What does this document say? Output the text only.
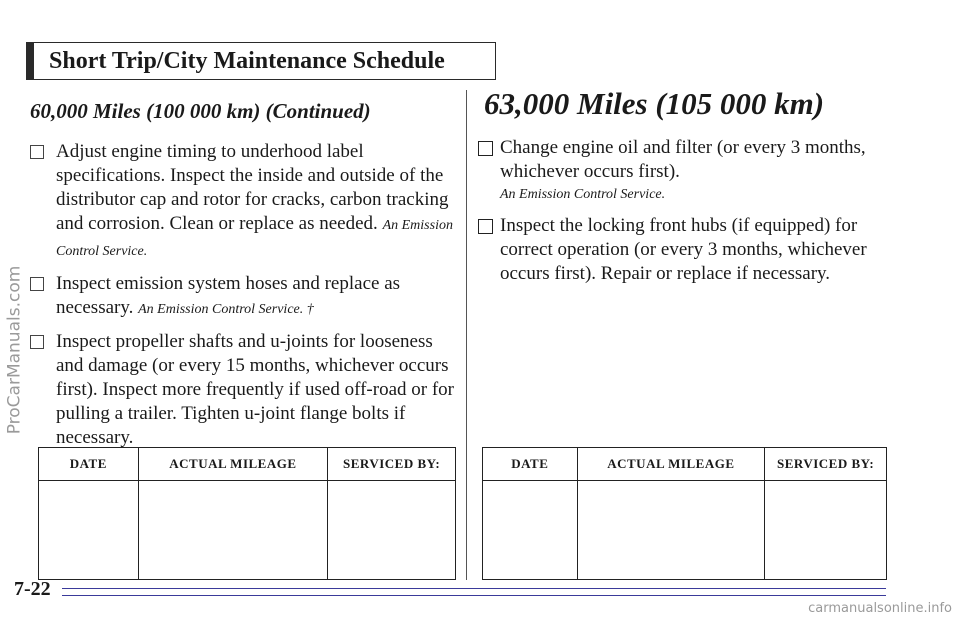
Short Trip/City Maintenance Schedule
ProCarManuals.com
60,000 Miles (100 000 km) (Continued)
Adjust engine timing to underhood label specifications. Inspect the inside and outside of the distributor cap and rotor for cracks, carbon tracking and corrosion. Clean or replace as needed. An Emission Control Service.
Inspect emission system hoses and replace as necessary. An Emission Control Service. †
Inspect propeller shafts and u-joints for looseness and damage (or every 15 months, whichever occurs first). Inspect more frequently if used off-road or for pulling a trailer. Tighten u-joint flange bolts if necessary.
63,000 Miles (105 000 km)
Change engine oil and filter (or every 3 months, whichever occurs first).
An Emission Control Service.
Inspect the locking front hubs (if equipped) for correct operation (or every 3 months, whichever occurs first). Repair or replace if necessary.
DATE	ACTUAL MILEAGE	SERVICED BY:
			DATE	ACTUAL MILEAGE	SERVICED BY:

7-22
carmanualsonline.info
